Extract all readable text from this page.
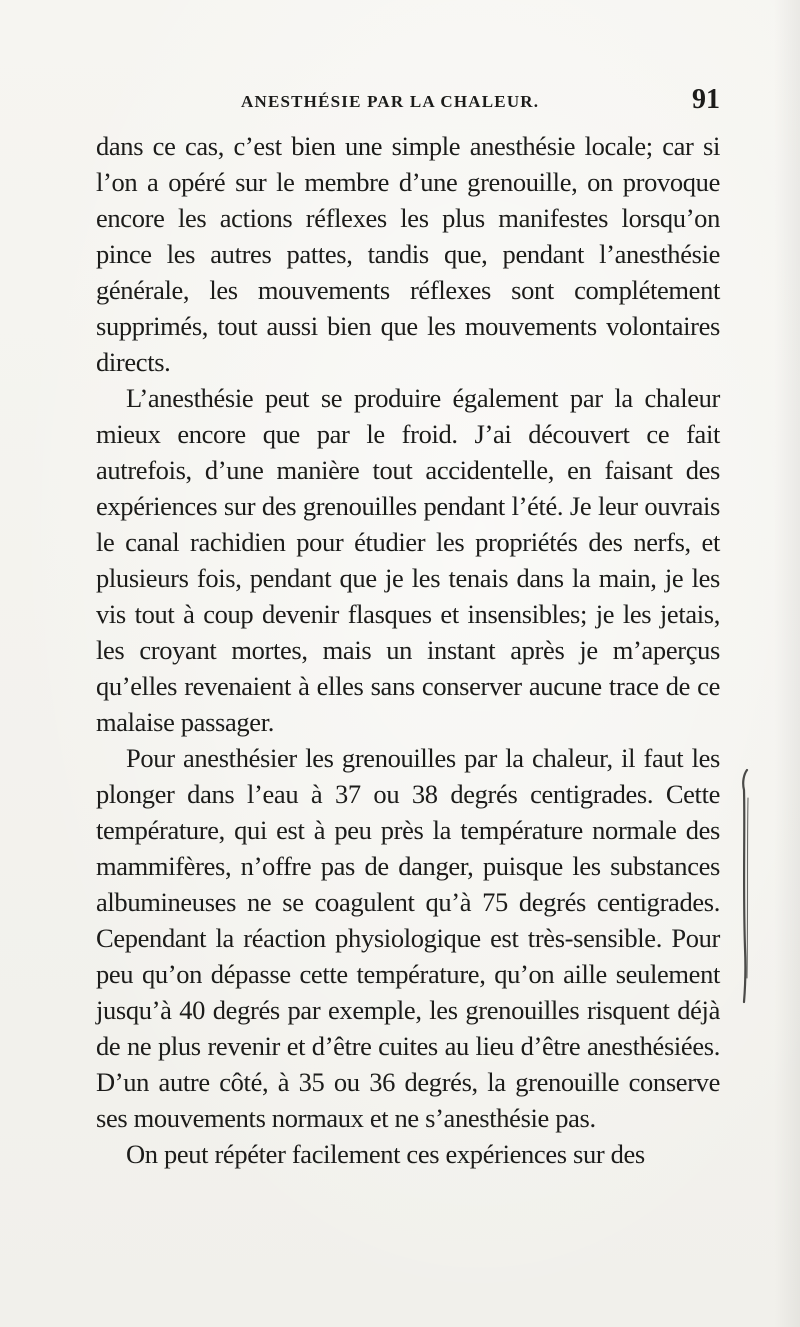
ANESTHÉSIE PAR LA CHALEUR.	91

dans ce cas, c’est bien une simple anesthésie locale; car si l’on a opéré sur le membre d’une grenouille, on provoque encore les actions réflexes les plus manifestes lorsqu’on pince les autres pattes, tandis que, pendant l’anesthésie générale, les mouvements réflexes sont complétement supprimés, tout aussi bien que les mouvements volontaires directs.

L’anesthésie peut se produire également par la chaleur mieux encore que par le froid. J’ai découvert ce fait autrefois, d’une manière tout accidentelle, en faisant des expériences sur des grenouilles pendant l’été. Je leur ouvrais le canal rachidien pour étudier les propriétés des nerfs, et plusieurs fois, pendant que je les tenais dans la main, je les vis tout à coup devenir flasques et insensibles; je les jetais, les croyant mortes, mais un instant après je m’aperçus qu’elles revenaient à elles sans conserver aucune trace de ce malaise passager.

Pour anesthésier les grenouilles par la chaleur, il faut les plonger dans l’eau à 37 ou 38 degrés centigrades. Cette température, qui est à peu près la température normale des mammifères, n’offre pas de danger, puisque les substances albumineuses ne se coagulent qu’à 75 degrés centigrades. Cependant la réaction physiologique est très-sensible. Pour peu qu’on dépasse cette température, qu’on aille seulement jusqu’à 40 degrés par exemple, les grenouilles risquent déjà de ne plus revenir et d’être cuites au lieu d’être anesthésiées. D’un autre côté, à 35 ou 36 degrés, la grenouille conserve ses mouvements normaux et ne s’anesthésie pas.

On peut répéter facilement ces expériences sur des
